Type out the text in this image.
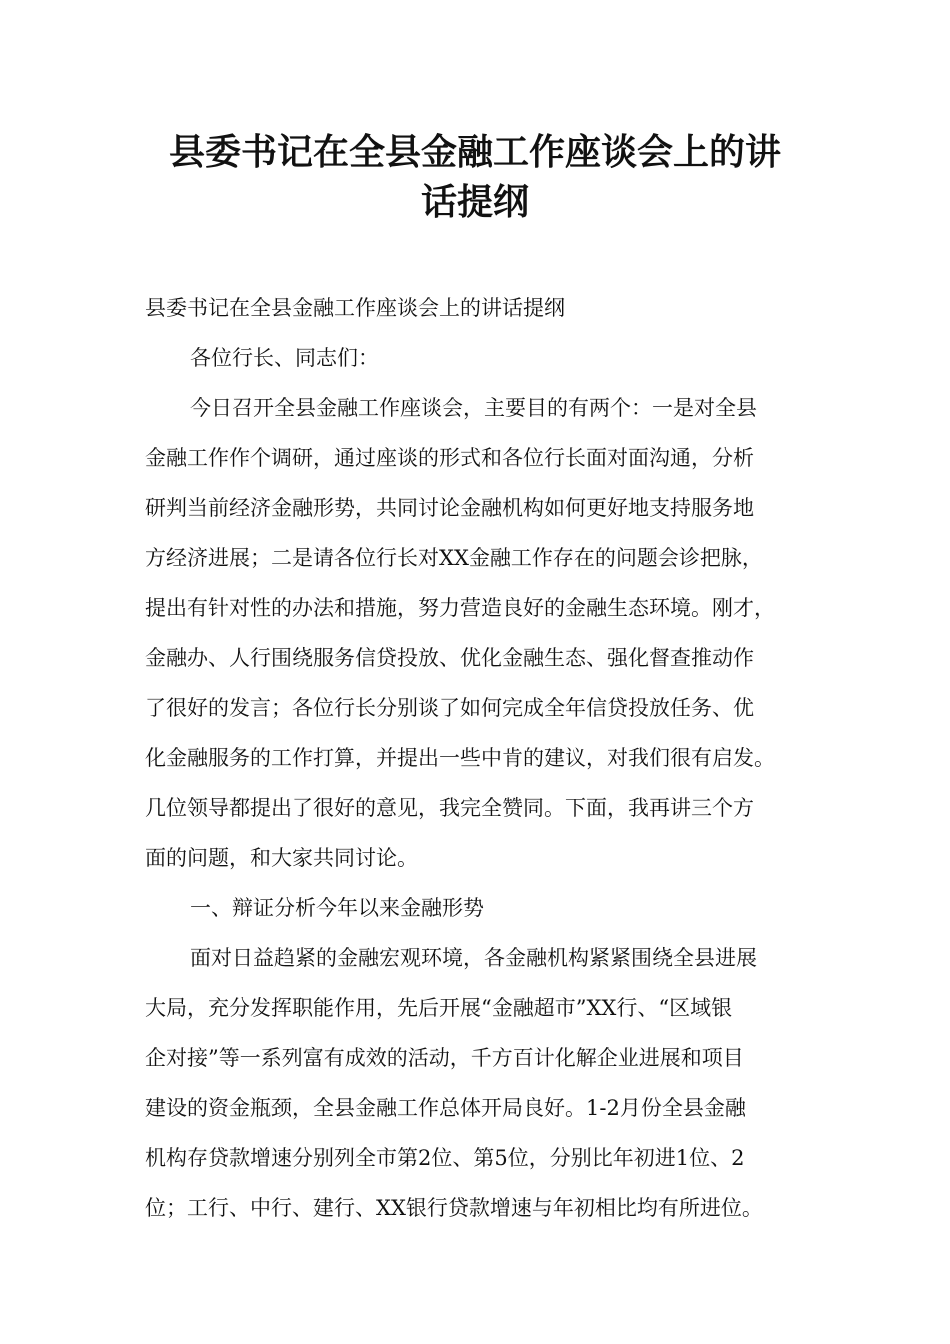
县委书记在全县金融工作座谈会上的讲
话提纲
县委书记在全县金融工作座谈会上的讲话提纲
各位行长、同志们：
今日召开全县金融工作座谈会，主要目的有两个：一是对全县
金融工作作个调研，通过座谈的形式和各位行长面对面沟通，分析
研判当前经济金融形势，共同讨论金融机构如何更好地支持服务地
方经济进展；二是请各位行长对XX金融工作存在的问题会诊把脉，
提出有针对性的办法和措施，努力营造良好的金融生态环境。刚才，
金融办、人行围绕服务信贷投放、优化金融生态、强化督查推动作
了很好的发言；各位行长分别谈了如何完成全年信贷投放任务、优
化金融服务的工作打算，并提出一些中肯的建议，对我们很有启发。
几位领导都提出了很好的意见，我完全赞同。下面，我再讲三个方
面的问题，和大家共同讨论。
一、辩证分析今年以来金融形势
面对日益趋紧的金融宏观环境，各金融机构紧紧围绕全县进展
大局，充分发挥职能作用，先后开展“金融超市”XX行、“区域银
企对接”等一系列富有成效的活动，千方百计化解企业进展和项目
建设的资金瓶颈，全县金融工作总体开局良好。1-2月份全县金融
机构存贷款增速分别列全市第2位、第5位，分别比年初进1位、2
位；工行、中行、建行、XX银行贷款增速与年初相比均有所进位。
